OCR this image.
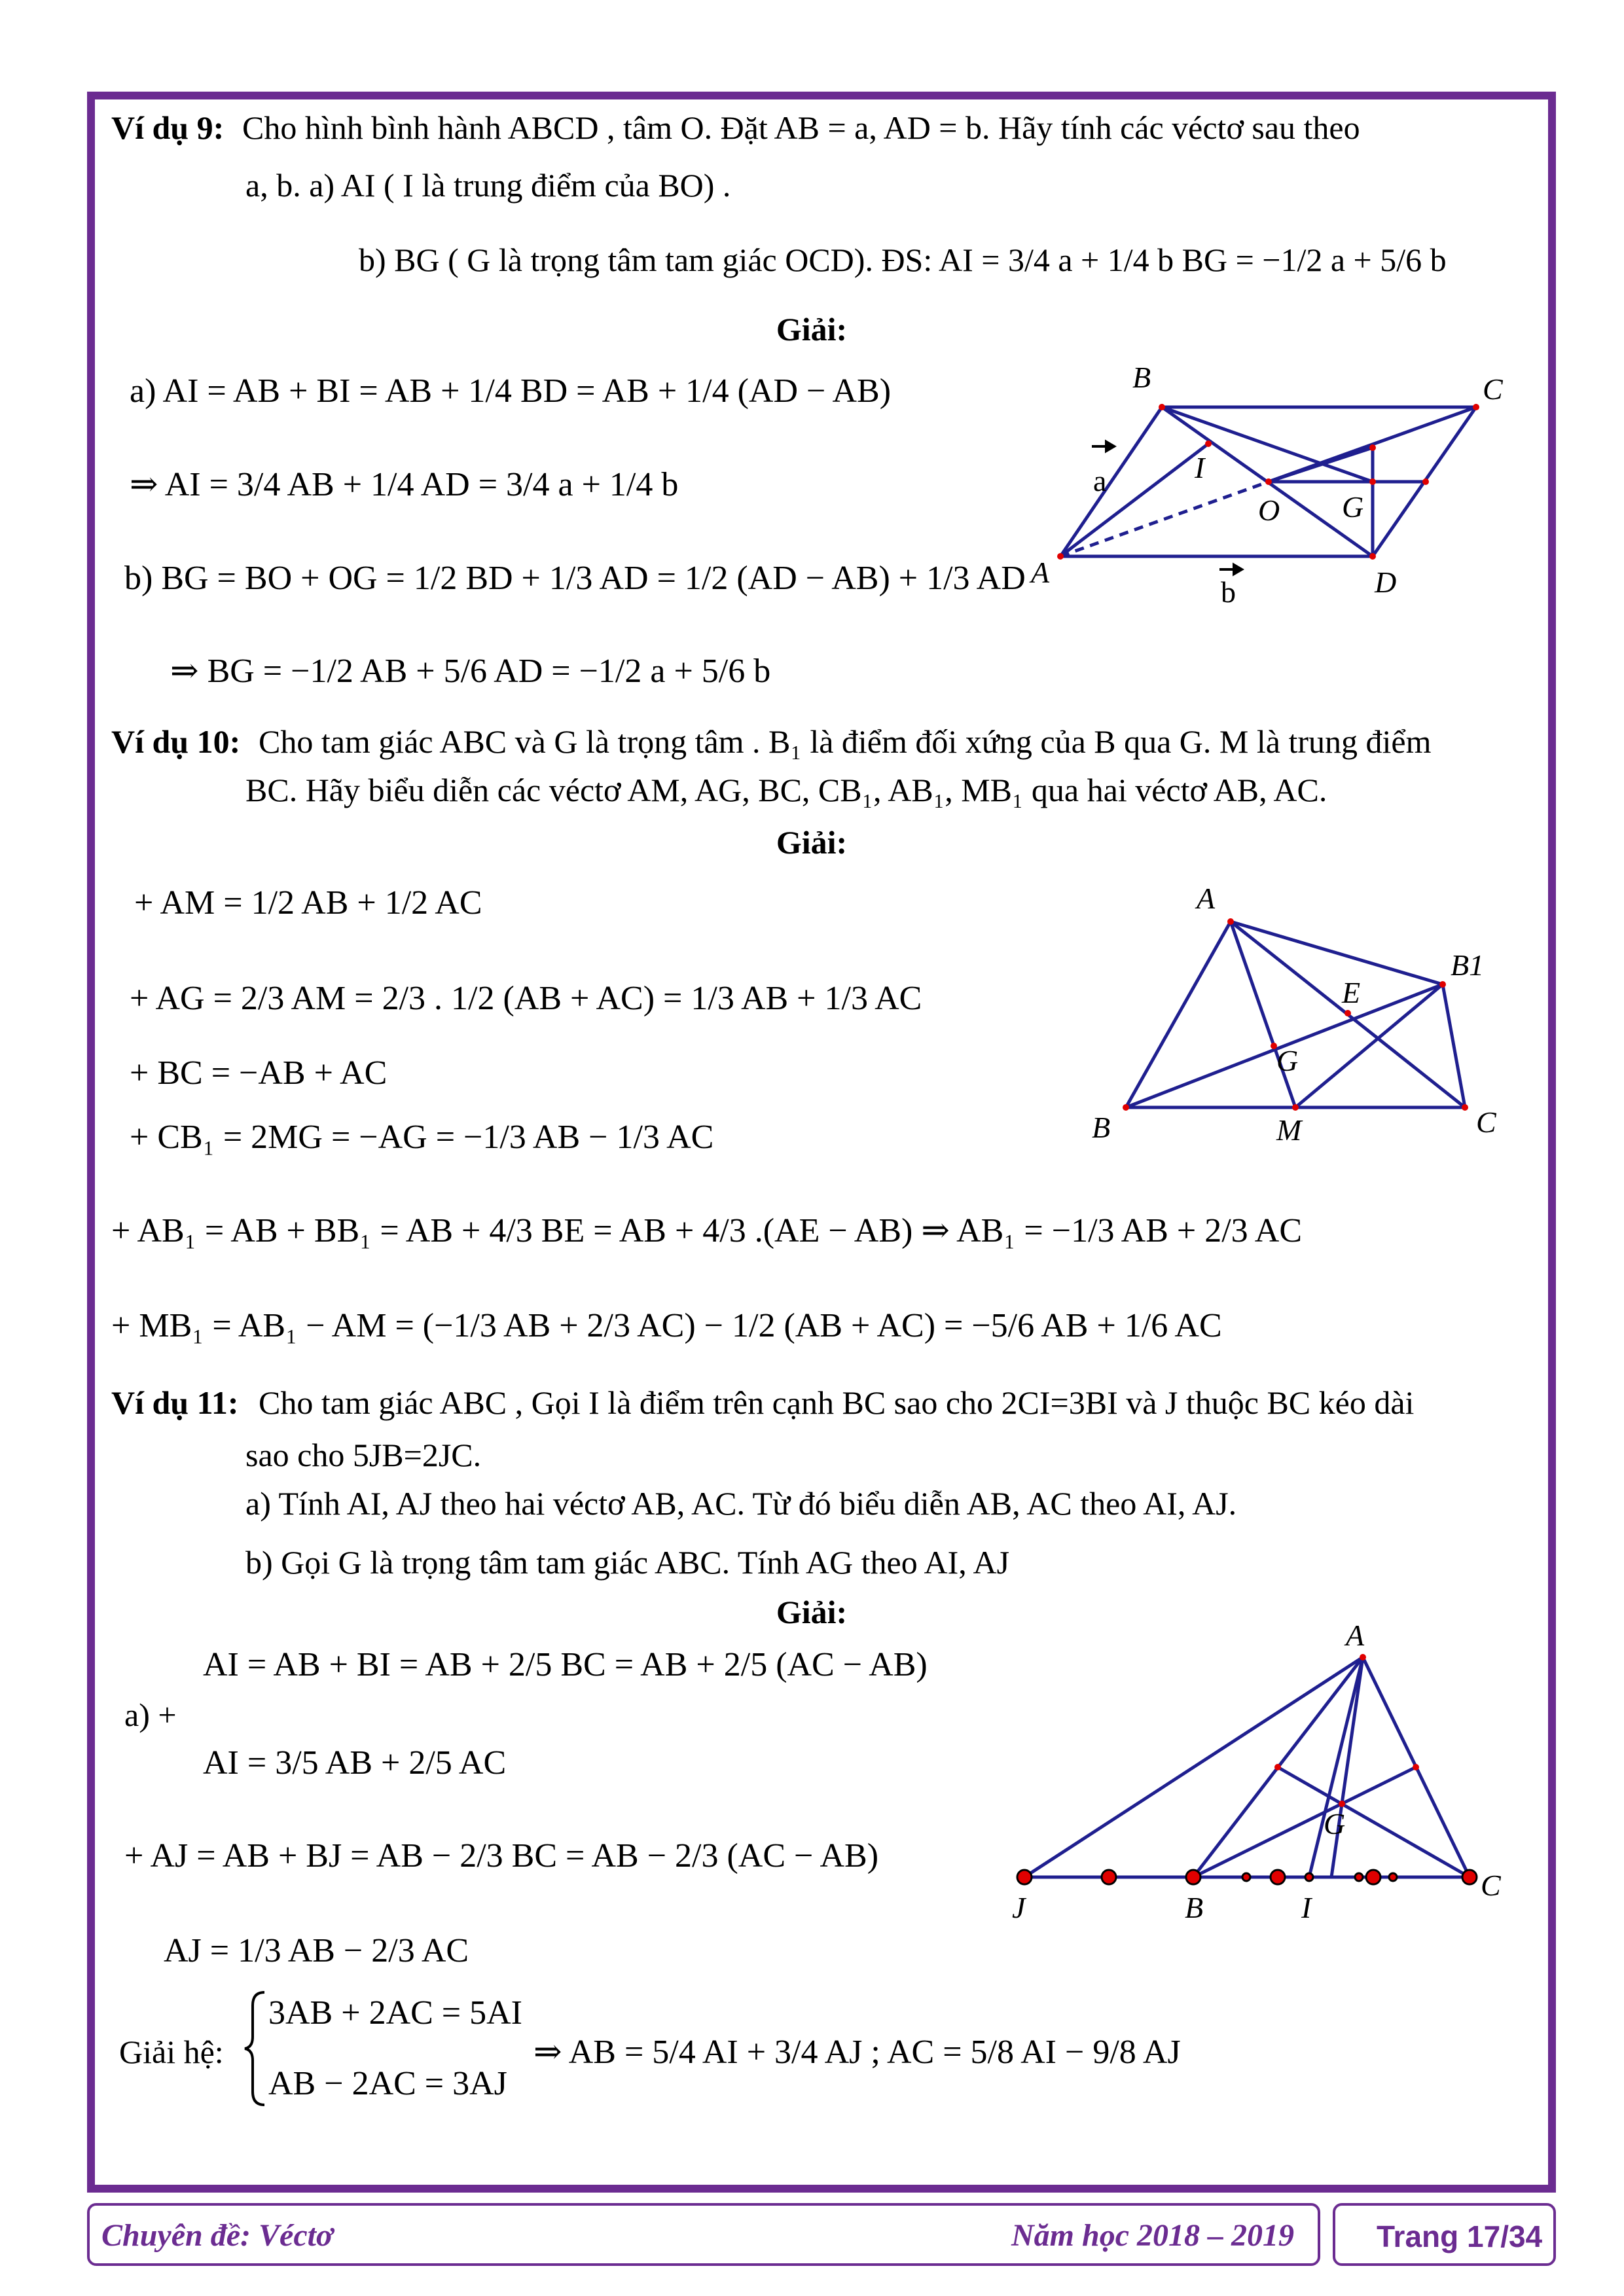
Ví dụ 9: Cho hình bình hành ABCD , tâm O. Đặt AB = a, AD = b. Hãy tính các véctơ sau theo
a, b. a) AI ( I là trung điểm của BO) .
b) BG ( G là trọng tâm tam giác OCD). ĐS: AI = 3/4 a + 1/4 b BG = −1/2 a + 5/6 b
Giải:
a) AI = AB + BI = AB + 1/4 BD = AB + 1/4 (AD − AB)
⇒ AI = 3/4 AB + 1/4 AD = 3/4 a + 1/4 b
b) BG = BO + OG = 1/2 BD + 1/3 AD = 1/2 (AD − AB) + 1/3 AD
⇒ BG = −1/2 AB + 5/6 AD = −1/2 a + 5/6 b
B	C
A	D
I
O G
a
b
Ví dụ 10: Cho tam giác ABC và G là trọng tâm . B₁ là điểm đối xứng của B qua G. M là trung điểm
BC. Hãy biểu diễn các véctơ AM, AG, BC, CB₁, AB₁, MB₁ qua hai véctơ AB, AC.
Giải:
+ AM = 1/2 AB + 1/2 AC
+ AG = 2/3 AM = 2/3 . 1/2 (AB + AC) = 1/3 AB + 1/3 AC
+ BC = −AB + AC
+ CB₁ = 2MG = −AG = −1/3 AB − 1/3 AC
+ AB₁ = AB + BB₁ = AB + 4/3 BE = AB + 4/3 .(AE − AB) ⇒ AB₁ = −1/3 AB + 2/3 AC
+ MB₁ = AB₁ − AM = (−1/3 AB + 2/3 AC) − 1/2 (AB + AC) = −5/6 AB + 1/6 AC
A
B1
E
G
B	M	C
Ví dụ 11: Cho tam giác ABC , Gọi I là điểm trên cạnh BC sao cho 2CI=3BI và J thuộc BC kéo dài
sao cho 5JB=2JC.
a) Tính AI, AJ theo hai véctơ AB, AC. Từ đó biểu diễn AB, AC theo AI, AJ.
b) Gọi G là trọng tâm tam giác ABC. Tính AG theo AI, AJ
Giải:
AI = AB + BI = AB + 2/5 BC = AB + 2/5 (AC − AB)
a) +
AI = 3/5 AB + 2/5 AC
+ AJ = AB + BJ = AB − 2/3 BC = AB − 2/3 (AC − AB)
AJ = 1/3 AB − 2/3 AC
Giải hệ:
3AB + 2AC = 5AI
AB − 2AC = 3AJ
⇒ AB = 5/4 AI + 3/4 AJ ; AC = 5/8 AI − 9/8 AJ
A
G
J	B	I
C
Chuyên đề: Véctơ	Năm học 2018 – 2019	Trang 17/34
